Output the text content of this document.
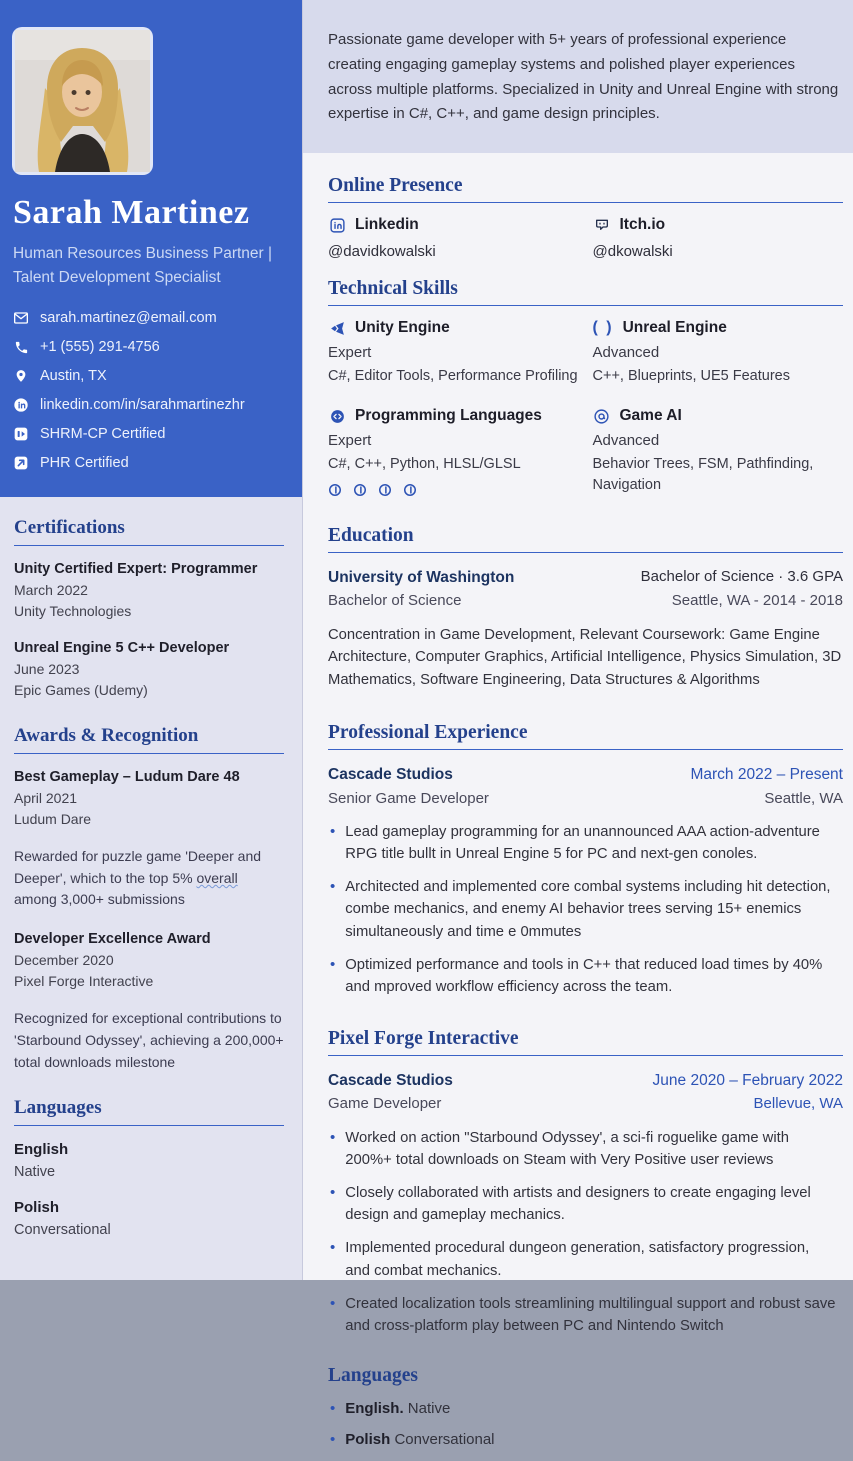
Sarah Martinez
Human Resources Business Partner | Talent Development Specialist
sarah.martinez@email.com
+1 (555) 291-4756
Austin, TX
linkedin.com/in/sarahmartinezhr
SHRM-CP Certified
PHR Certified
Certifications
Unity Certified Expert: Programmer
March 2022
Unity Technologies
Unreal Engine 5 C++ Developer
June 2023
Epic Games (Udemy)
Awards & Recognition
Best Gameplay – Ludum Dare 48
April 2021
Ludum Dare

Rewarded for puzzle game 'Deeper and Deeper', which to the top 5% overall among 3,000+ submissions

Developer Excellence Award
December 2020
Pixel Forge Interactive

Recognized for exceptional contributions to 'Starbound Odyssey', achieving a 200,000+ total downloads milestone

Languages
English
Native
Polish
Conversational
Passionate game developer with 5+ years of professional experience creating engaging gameplay systems and polished player experiences across multiple platforms. Specialized in Unity and Unreal Engine with strong expertise in C#, C++, and game design principles.
Online Presence
Linkedin
@davidkowalski
Itch.io
@dkowalski
Technical Skills
Unity Engine
Expert
C#, Editor Tools, Performance Profiling
( ) Unreal Engine
Advanced
C++, Blueprints, UE5 Features
Programming Languages
Expert
C#, C++, Python, HLSL/GLSL
Game AI
Advanced
Behavior Trees, FSM, Pathfinding, Navigation
Education
University of Washington
Bachelor of Science
Bachelor of Science · 3.6 GPA
Seattle, WA - 2014 - 2018

Concentration in Game Development, Relevant Coursework: Game Engine Architecture, Computer Graphics, Artificial Intelligence, Physics Simulation, 3D Mathematics, Software Engineering, Data Structures & Algorithms

Professional Experience
Cascade Studios
Senior Game Developer
March 2022 – Present
Seattle, WA
• Lead gameplay programming for an unannounced AAA action-adventure RPG title bullt in Unreal Engine 5 for PC and next-gen conoles.
• Architected and implemented core combal systems including hit detection, combe mechanics, and enemy AI behavior trees serving 15+ enemics simultaneously and time e 0mmutes
• Optimized performance and tools in C++ that reduced load times by 40% and mproved workflow efficiency across the team.
Pixel Forge Interactive
Cascade Studios
Game Developer
June 2020 – February 2022
Bellevue, WA
• Worked on action "Starbound Odyssey', a sci-fi roguelike game with 200%+ total downloads on Steam with Very Positive user reviews
• Closely collaborated with artists and designers to create engaging level design and gameplay mechanics.
• Implemented procedural dungeon generation, satisfactory progression, and combat mechanics.
• Created localization tools streamlining multilingual support and robust save and cross-platform play between PC and Nintendo Switch
Languages
• English. Native
• Polish Conversational
